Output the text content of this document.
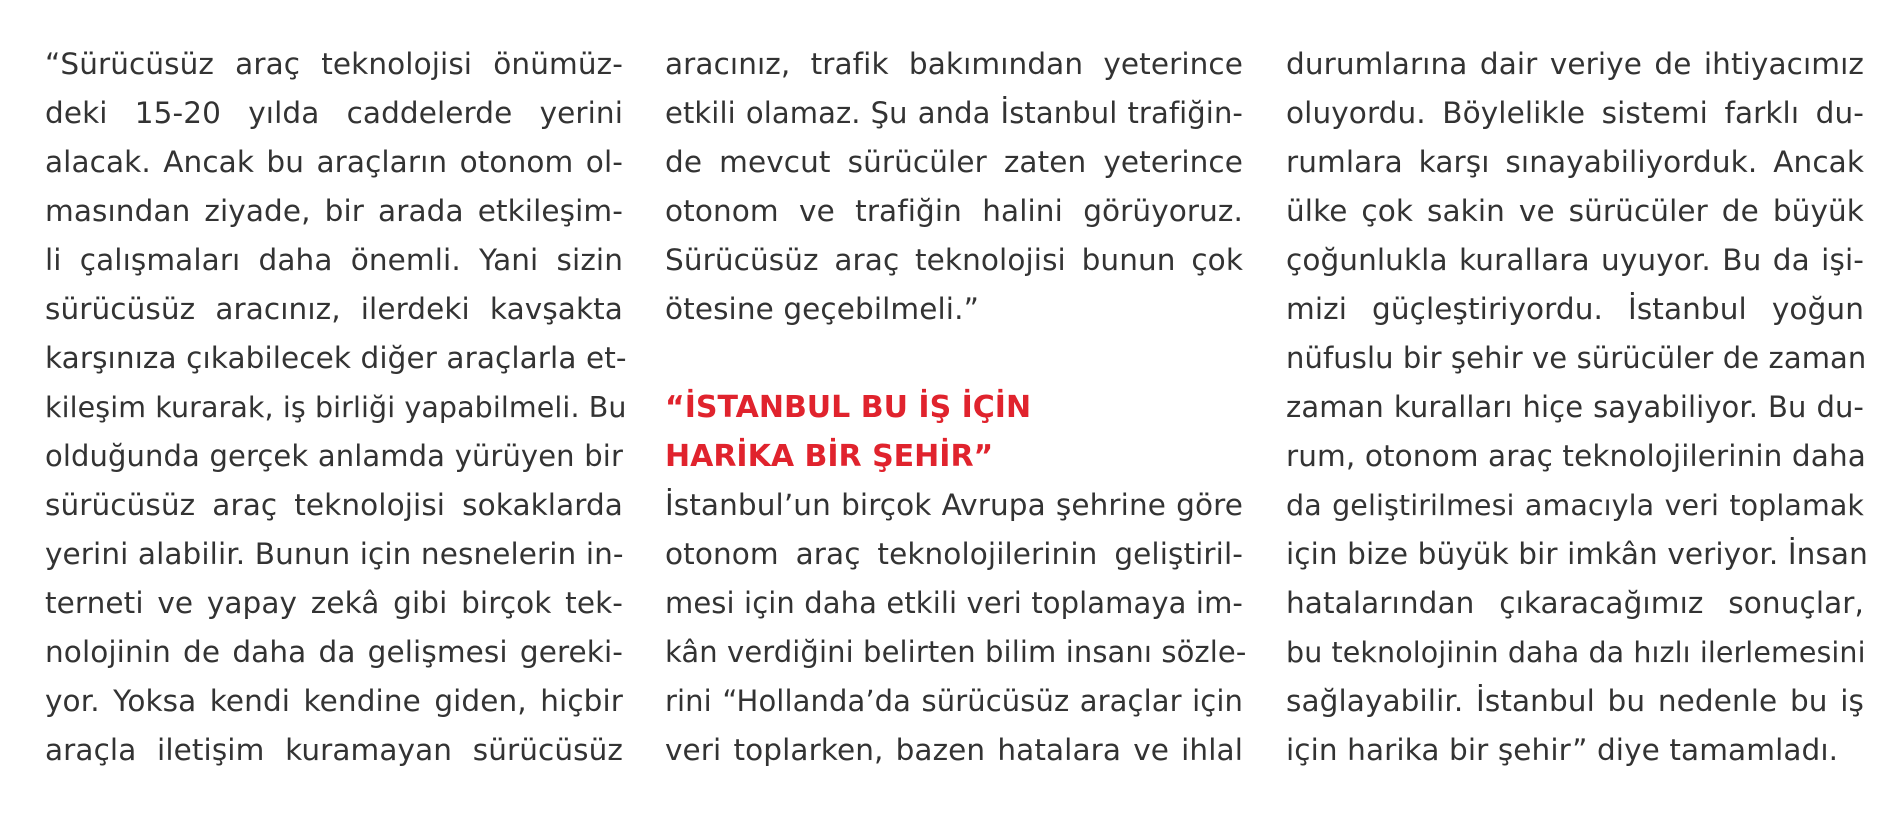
“Sürücüsüz araç teknolojisi önümüz-
deki 15-20 yılda caddelerde yerini
alacak. Ancak bu araçların otonom ol-
masından ziyade, bir arada etkileşim-
li çalışmaları daha önemli. Yani sizin
sürücüsüz aracınız, ilerdeki kavşakta
karşınıza çıkabilecek diğer araçlarla et-
kileşim kurarak, iş birliği yapabilmeli. Bu
olduğunda gerçek anlamda yürüyen bir
sürücüsüz araç teknolojisi sokaklarda
yerini alabilir. Bunun için nesnelerin in-
terneti ve yapay zekâ gibi birçok tek-
nolojinin de daha da gelişmesi gereki-
yor. Yoksa kendi kendine giden, hiçbir
araçla iletişim kuramayan sürücüsüz
aracınız, trafik bakımından yeterince
etkili olamaz. Şu anda İstanbul trafiğin-
de mevcut sürücüler zaten yeterince
otonom ve trafiğin halini görüyoruz.
Sürücüsüz araç teknolojisi bunun çok
ötesine geçebilmeli.”
“İSTANBUL BU İŞ İÇİN
HARİKA BİR ŞEHİR”
İstanbul’un birçok Avrupa şehrine göre
otonom araç teknolojilerinin geliştiril-
mesi için daha etkili veri toplamaya im-
kân verdiğini belirten bilim insanı sözle-
rini “Hollanda’da sürücüsüz araçlar için
veri toplarken, bazen hatalara ve ihlal
durumlarına dair veriye de ihtiyacımız
oluyordu. Böylelikle sistemi farklı du-
rumlara karşı sınayabiliyorduk. Ancak
ülke çok sakin ve sürücüler de büyük
çoğunlukla kurallara uyuyor. Bu da işi-
mizi güçleştiriyordu. İstanbul yoğun
nüfuslu bir şehir ve sürücüler de zaman
zaman kuralları hiçe sayabiliyor. Bu du-
rum, otonom araç teknolojilerinin daha
da geliştirilmesi amacıyla veri toplamak
için bize büyük bir imkân veriyor. İnsan
hatalarından çıkaracağımız sonuçlar,
bu teknolojinin daha da hızlı ilerlemesini
sağlayabilir. İstanbul bu nedenle bu iş
için harika bir şehir” diye tamamladı.
